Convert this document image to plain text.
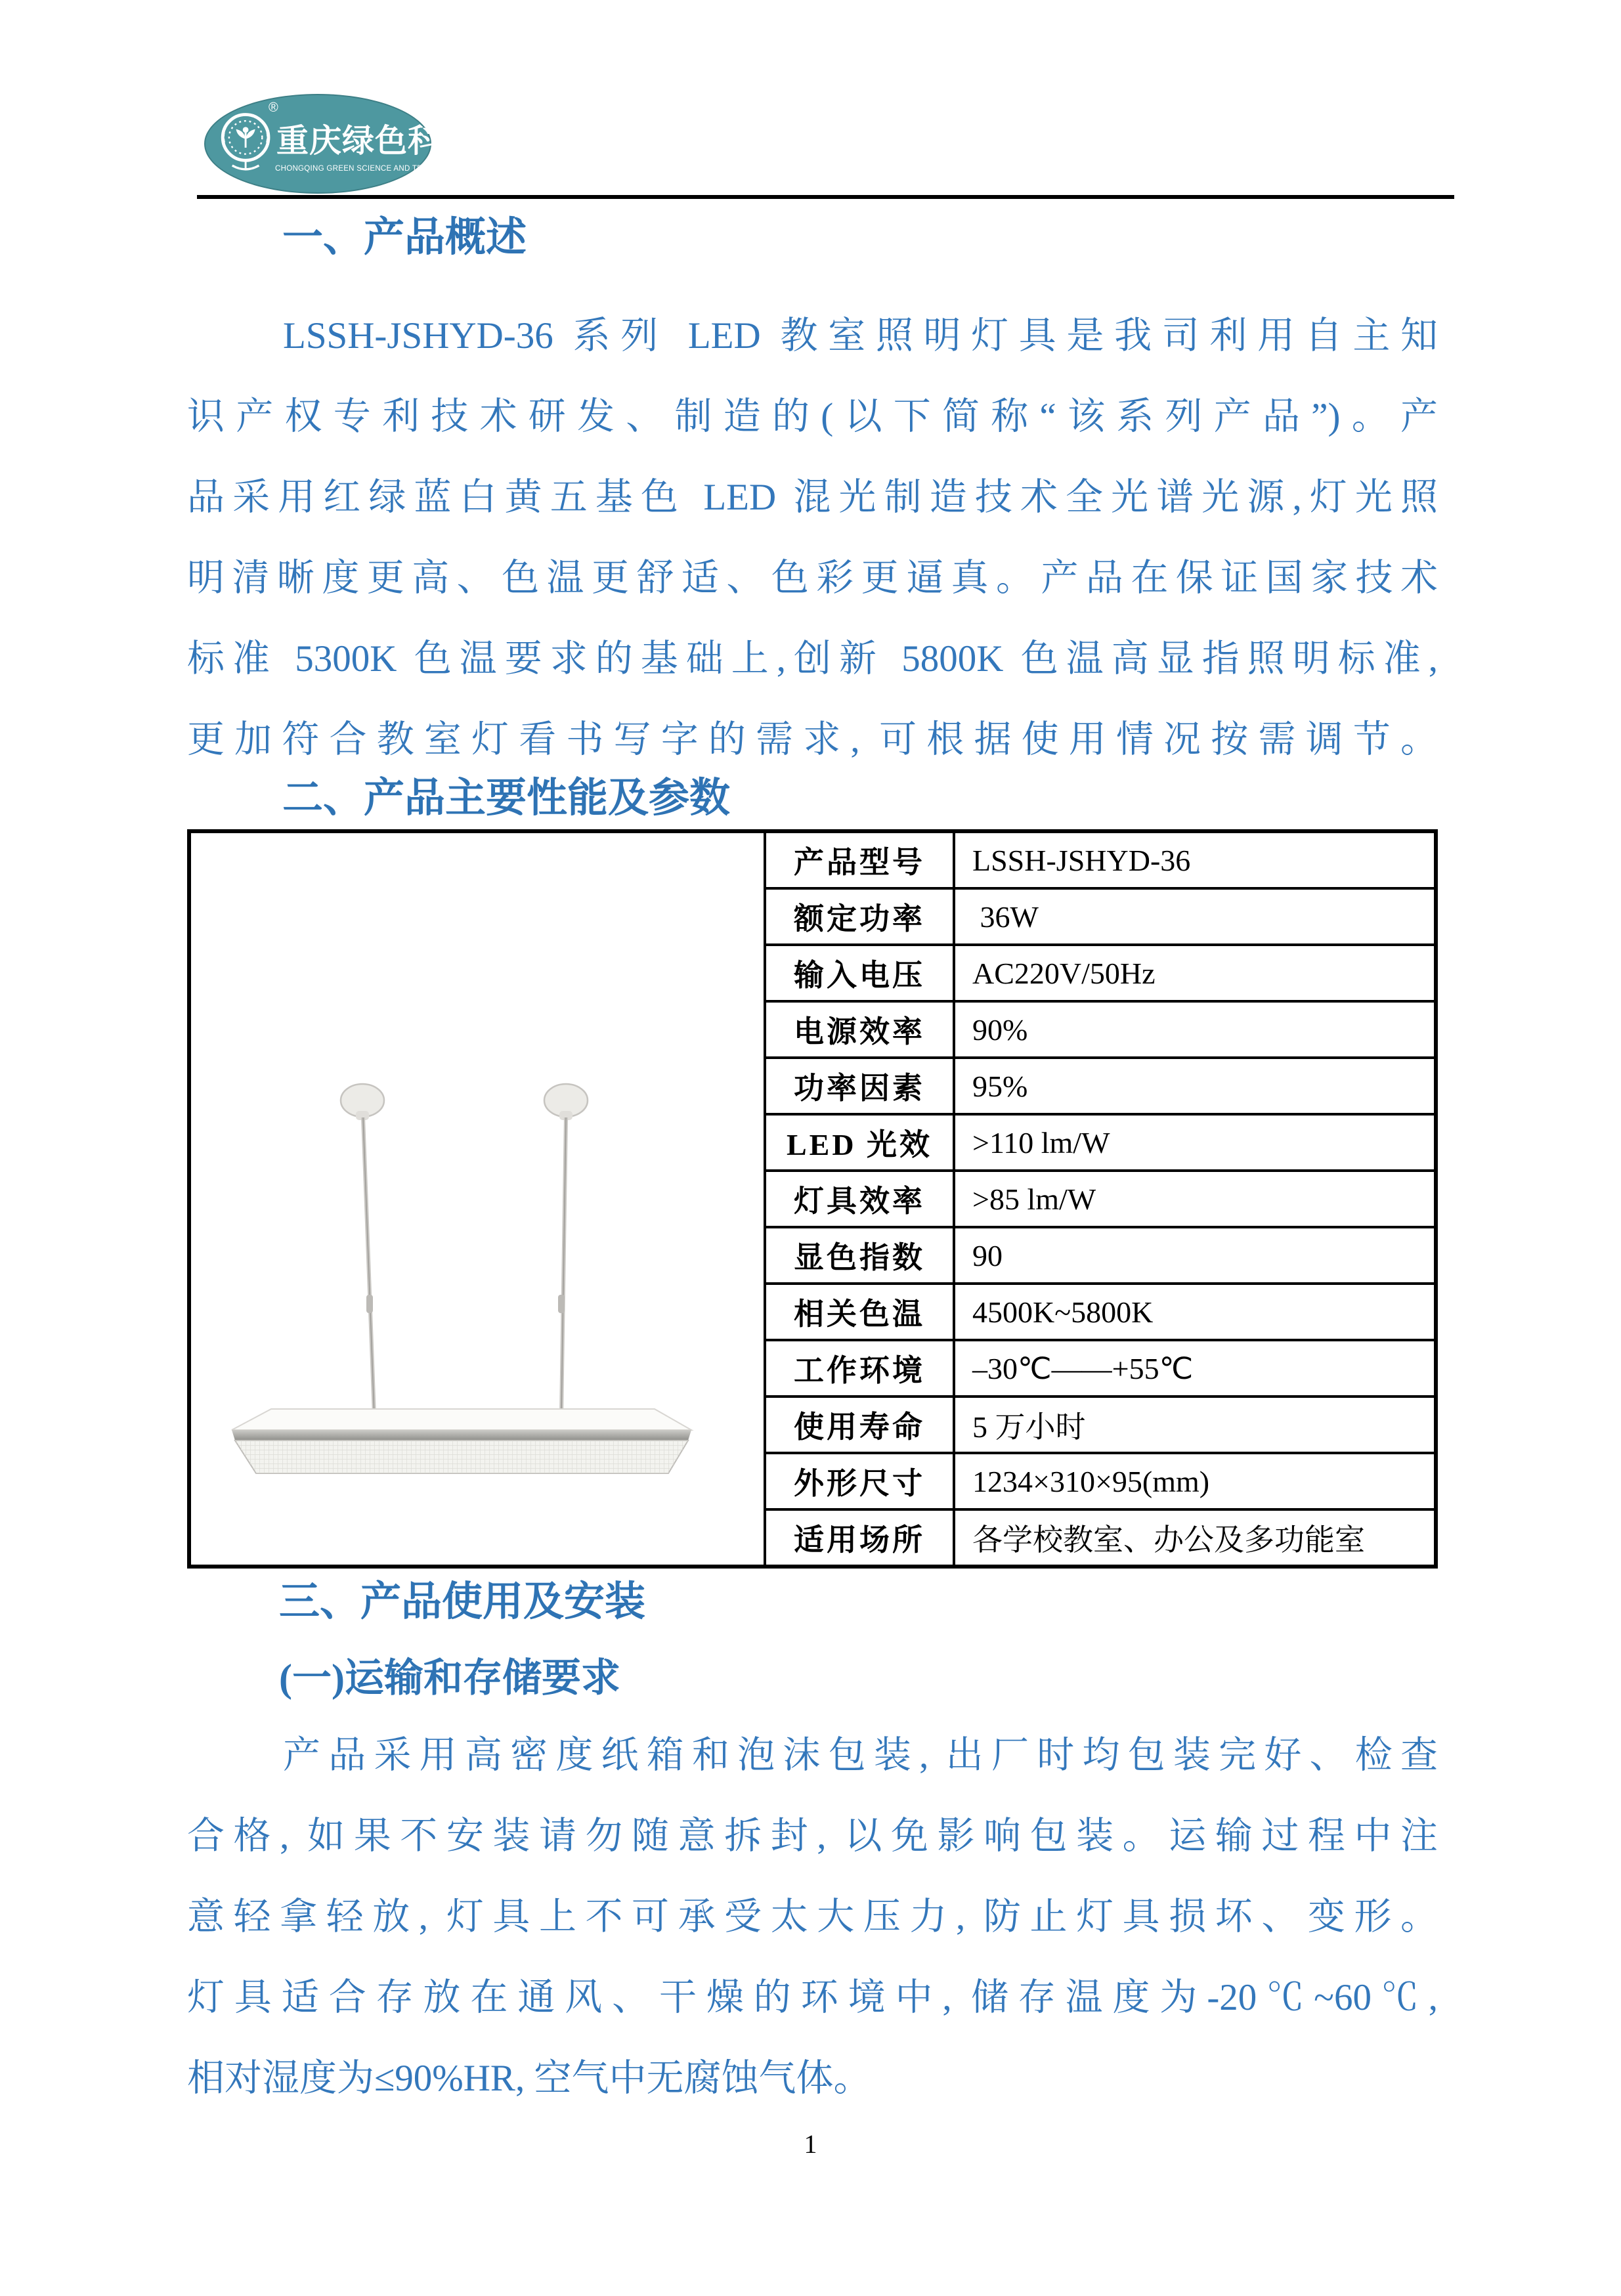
®
重庆绿色科技
CHONGQING GREEN SCIENCE AND TECHNOLOG
一、产品概述
LSSH-JSHYD-36 系列 LED 教室照明灯具是我司利用自主知
识产权专利技术研发、制造的(以下简称“该系列产品”)。产
品采用红绿蓝白黄五基色 LED 混光制造技术全光谱光源,灯光照
明清晰度更高、色温更舒适、色彩更逼真。产品在保证国家技术
标准 5300K 色温要求的基础上,创新 5800K 色温高显指照明标准,
更加符合教室灯看书写字的需求, 可根据使用情况按需调节。
二、产品主要性能及参数
	产品型号	LSSH-JSHYD-36
	额定功率	36W
	输入电压	AC220V/50Hz
	电源效率	90%
	功率因素	95%
	LED 光效	>110 lm/W
	灯具效率	>85 lm/W
	显色指数	90
	相关色温	4500K~5800K
	工作环境	–30℃——+55℃
	使用寿命	5 万小时
	外形尺寸	1234×310×95(mm)
	适用场所	各学校教室、办公及多功能室
三、产品使用及安装
(一)运输和存储要求
产品采用高密度纸箱和泡沫包装, 出厂时均包装完好、检查
合格, 如果不安装请勿随意拆封, 以免影响包装。运输过程中注
意轻拿轻放, 灯具上不可承受太大压力, 防止灯具损坏、变形。
灯具适合存放在通风、干燥的环境中, 储存温度为-20℃~60℃,
相对湿度为≤90%HR, 空气中无腐蚀气体。
1
